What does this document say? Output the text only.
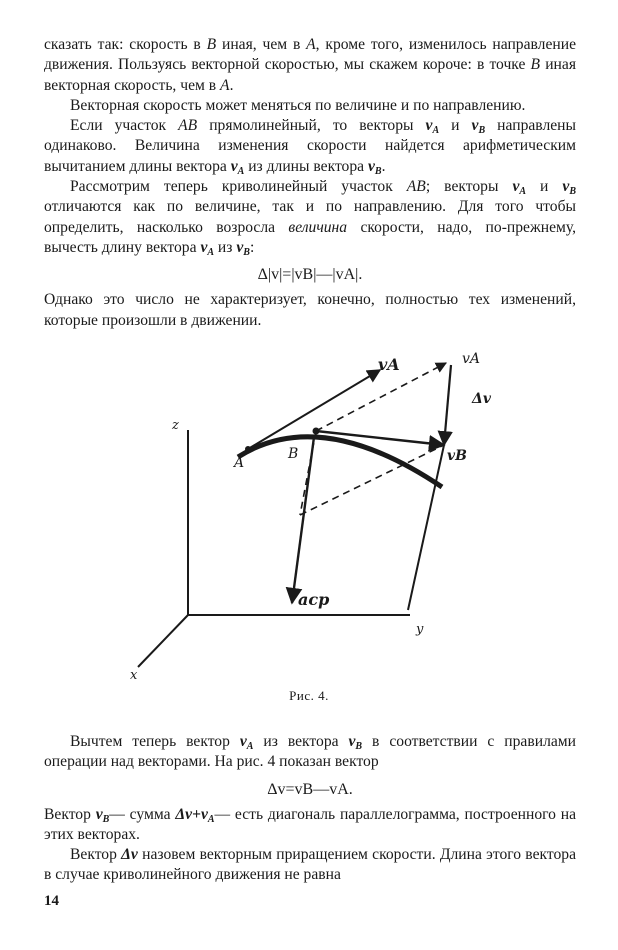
сказать так: скорость в B иная, чем в A, кроме того, изменилось направление движения. Пользуясь векторной скоростью, мы скажем короче: в точке B иная векторная скорость, чем в A.

Векторная скорость может меняться по величине и по направлению.

Если участок AB прямолинейный, то векторы $v_A$ и $v_B$ направлены одинаково. Величина изменения скорости найдется арифметическим вычитанием длины вектора $v_A$ из длины вектора $v_B$.

Рассмотрим теперь криволинейный участок AB; векторы $v_A$ и $v_B$ отличаются как по величине, так и по направлению. Для того чтобы определить, насколько возросла величина скорости, надо, по-прежнему, вычесть длину вектора $v_A$ из $v_B$:

Δ|v|=|vB|—|vA|.

Однако это число не характеризует, конечно, полностью тех изменений, которые произошли в движении.

vA	vA
Δv
vB
A
B
acp
z
y
x
Рис. 4.

Вычтем теперь вектор $v_A$ из вектора $v_B$ в соответствии с правилами операции над векторами. На рис. 4 показан вектор

Δv=vB—vA.

Вектор $v_B—$ сумма $\Delta v+v_A—$ есть диагональ параллелограмма, построенного на этих векторах.

Вектор Δv назовем векторным приращением скорости. Длина этого вектора в случае криволинейного движения не равна

14
